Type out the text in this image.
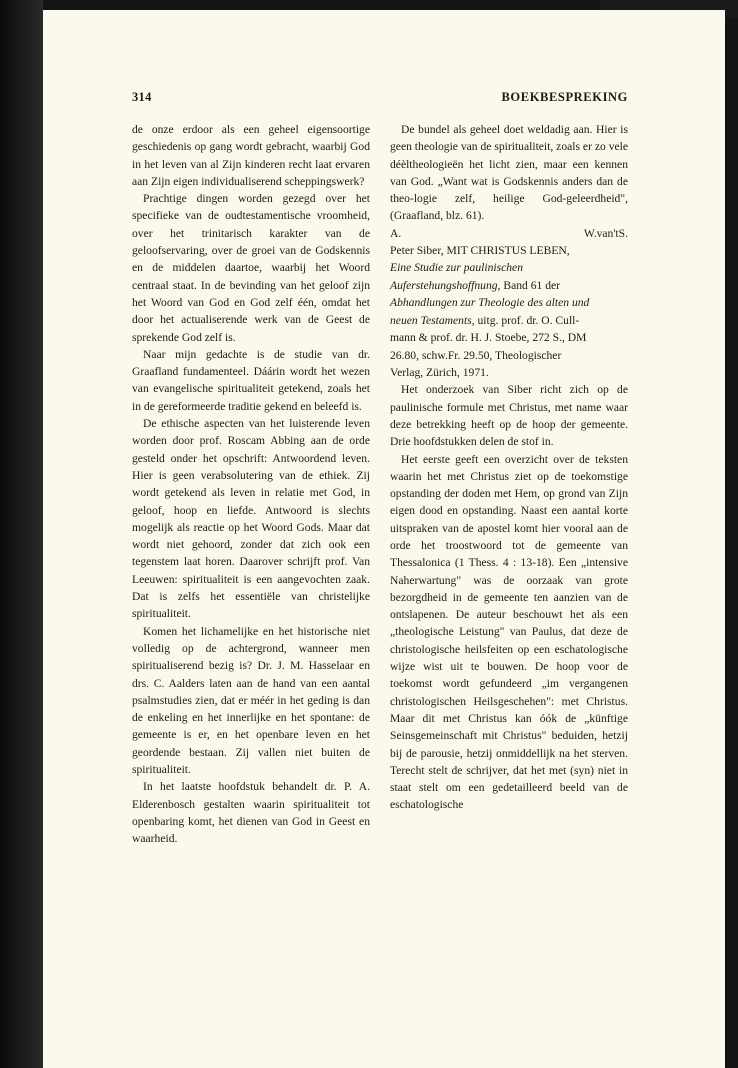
314	BOEKBESPREKING

de onze erdoor als een geheel eigensoortige geschiedenis op gang wordt gebracht, waarbij God in het leven van al Zijn kinderen recht laat ervaren aan Zijn eigen individualiserend scheppingswerk?

Prachtige dingen worden gezegd over het specifieke van de oudtestamentische vroomheid, over het trinitarisch karakter van de geloofservaring, over de groei van de Godskennis en de middelen daartoe, waarbij het Woord centraal staat. In de bevinding van het geloof zijn het Woord van God en God zelf één, omdat het door het actualiserende werk van de Geest de sprekende God zelf is.

Naar mijn gedachte is de studie van dr. Graafland fundamenteel. Dáárin wordt het wezen van evangelische spiritualiteit getekend, zoals het in de gereformeerde traditie gekend en beleefd is.

De ethische aspecten van het luisterende leven worden door prof. Roscam Abbing aan de orde gesteld onder het opschrift: Antwoordend leven. Hier is geen verabsolutering van de ethiek. Zij wordt getekend als leven in relatie met God, in geloof, hoop en liefde. Antwoord is slechts mogelijk als reactie op het Woord Gods. Maar dat wordt niet gehoord, zonder dat zich ook een tegenstem laat horen. Daarover schrijft prof. Van Leeuwen: spiritualiteit is een aangevochten zaak. Dat is zelfs het essentiële van christelijke spiritualiteit.

Komen het lichamelijke en het historische niet volledig op de achtergrond, wanneer men spiritualiserend bezig is? Dr. J. M. Hasselaar en drs. C. Aalders laten aan de hand van een aantal psalmstudies zien, dat er méér in het geding is dan de enkeling en het innerlijke en het spontane: de gemeente is er, en het openbare leven en het geordende bestaan. Zij vallen niet buiten de spiritualiteit.

In het laatste hoofdstuk behandelt dr. P. A. Elderenbosch gestalten waarin spiritualiteit tot openbaring komt, het dienen van God in Geest en waarheid.

De bundel als geheel doet weldadig aan. Hier is geen theologie van de spiritualiteit, zoals er zo vele déèltheologieën het licht zien, maar een kennen van God. „Want wat is Godskennis anders dan de theo-logie zelf, heilige God-geleerdheid", (Graafland, blz. 61).

A.	W.van'tS.

Peter Siber, MIT CHRISTUS LEBEN, Eine Studie zur paulinischen Auferstehungshoffnung, Band 61 der Abhandlungen zur Theologie des alten und neuen Testaments, uitg. prof. dr. O. Cullmann & prof. dr. H. J. Stoebe, 272 S., DM 26.80, schw.Fr. 29.50, Theologischer Verlag, Zürich, 1971.

Het onderzoek van Siber richt zich op de paulinische formule met Christus, met name waar deze betrekking heeft op de hoop der gemeente. Drie hoofdstukken delen de stof in.

Het eerste geeft een overzicht over de teksten waarin het met Christus ziet op de toekomstige opstanding der doden met Hem, op grond van Zijn eigen dood en opstanding. Naast een aantal korte uitspraken van de apostel komt hier vooral aan de orde het troostwoord tot de gemeente van Thessalonica (1 Thess. 4 : 13-18). Een „intensive Naherwartung" was de oorzaak van grote bezorgdheid in de gemeente ten aanzien van de ontslapenen. De auteur beschouwt het als een „theologische Leistung" van Paulus, dat deze de christologische heilsfeiten op een eschatologische wijze wist uit te bouwen. De hoop voor de toekomst wordt gefundeerd „im vergangenen christologischen Heilsgeschehen": met Christus. Maar dit met Christus kan óók de „künftige Seinsgemeinschaft mit Christus" beduiden, hetzij bij de parousie, hetzij onmiddellijk na het sterven. Terecht stelt de schrijver, dat het met (syn) niet in staat stelt om een gedetailleerd beeld van de eschatologische
